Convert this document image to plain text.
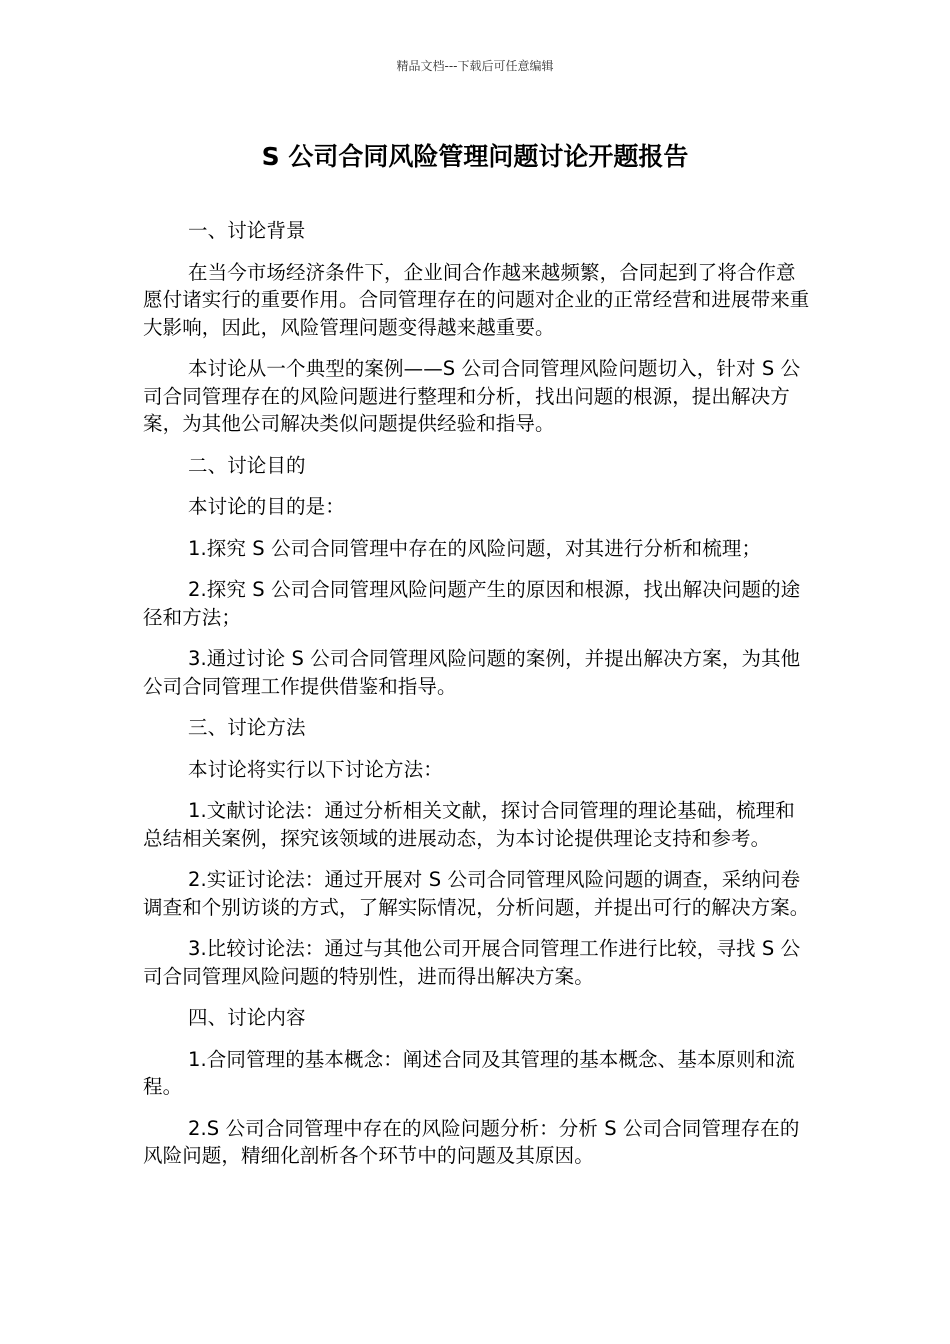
精品文档---下载后可任意编辑
S 公司合同风险管理问题讨论开题报告

一、讨论背景

在当今市场经济条件下，企业间合作越来越频繁，合同起到了将合作意愿付诸实行的重要作用。合同管理存在的问题对企业的正常经营和进展带来重大影响，因此，风险管理问题变得越来越重要。

本讨论从一个典型的案例——S 公司合同管理风险问题切入，针对 S 公司合同管理存在的风险问题进行整理和分析，找出问题的根源，提出解决方案，为其他公司解决类似问题提供经验和指导。

二、讨论目的

本讨论的目的是：

1.探究 S 公司合同管理中存在的风险问题，对其进行分析和梳理；

2.探究 S 公司合同管理风险问题产生的原因和根源，找出解决问题的途径和方法；

3.通过讨论 S 公司合同管理风险问题的案例，并提出解决方案，为其他公司合同管理工作提供借鉴和指导。

三、讨论方法

本讨论将实行以下讨论方法：

1.文献讨论法：通过分析相关文献，探讨合同管理的理论基础，梳理和总结相关案例，探究该领域的进展动态，为本讨论提供理论支持和参考。

2.实证讨论法：通过开展对 S 公司合同管理风险问题的调查，采纳问卷调查和个别访谈的方式，了解实际情况，分析问题，并提出可行的解决方案。

3.比较讨论法：通过与其他公司开展合同管理工作进行比较，寻找 S 公司合同管理风险问题的特别性，进而得出解决方案。

四、讨论内容

1.合同管理的基本概念：阐述合同及其管理的基本概念、基本原则和流程。

2.S 公司合同管理中存在的风险问题分析：分析 S 公司合同管理存在的风险问题，精细化剖析各个环节中的问题及其原因。
